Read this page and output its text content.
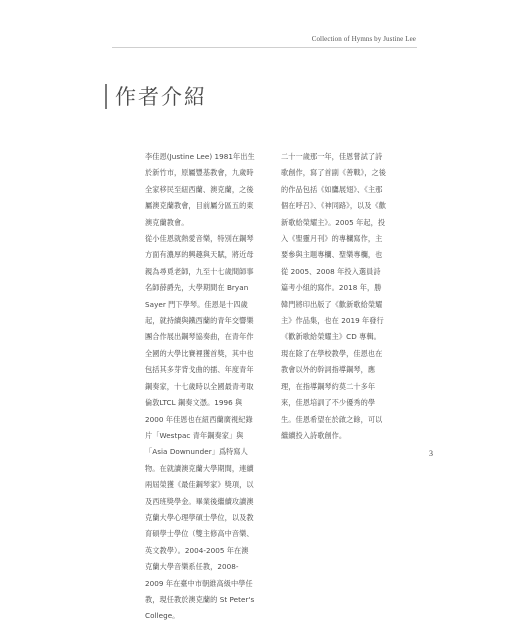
Collection of Hymns by Justine Lee
作者介紹

李佳恩(Justine Lee) 1981年出生於新竹市，原屬豐基教會，九歲時全家移民至紐西蘭、澳克蘭，之後屬澳克蘭教會，目前屬分區五的東澳克蘭教會。

從小佳恩就熱愛音樂，特別在鋼琴方面有濃厚的興趣與天賦，將近母親為尋覓老師，九至十七歲間師事名師薛爵先，大學期間在 Bryan Sayer 門下學琴。佳恩是十四歲起，就持續與鐵西蘭的青年交響樂團合作展出鋼琴協奏曲，在青年作全國的大學比賽裡獲首獎，其中也包括其多芽背戈曲的擂、年度青年鋼奏家，十七歲時以全國最青考取倫敦LTCL 鋼奏文憑。1996 與 2000 年佳恩也在紐西蘭廣視紀錄片「Westpac 青年鋼奏家」與「Asia Downunder」爲特寫人物。在就讀澳克蘭大學期間，連續兩屆榮獲《最佳鋼琴家》獎項，以及西班獎學金。畢業後繼續攻讀澳克蘭大學心理學碩士學位，以及教育碩學士學位（雙主修高中音樂、英文教學）。2004-2005 年在澳克蘭大學音樂系任教，2008-2009 年在臺中市朝維高級中學任教，現任教於澳克蘭的 St Peter's College。

二十一歲那一年，佳恩嘗試了詩歌創作，寫了首副《善戰》，之後的作品包括《如鷹展翅》、《主那個在呼召》、《神同路》，以及《歡新歌給榮耀主》。2005 年起，投入《聖靈月刊》的專欄寫作，主要參與主題專欄、聖樂專欄，也從 2005、2008 年投入選員詩篇考小組的寫作。2018 年，勝韓門將印出版了《歡新歌給榮耀主》作品集，也在 2019 年發行《歡新歌給榮耀主》CD 專輯。

現在除了在學校教學，佳恩也在教會以外的幹詞指導鋼琴，應理，在指導鋼琴約莫二十多年來，佳恩培訓了不少優秀的學生。佳恩希望在於啟之餘，可以繼續投入詩歌創作。

3
